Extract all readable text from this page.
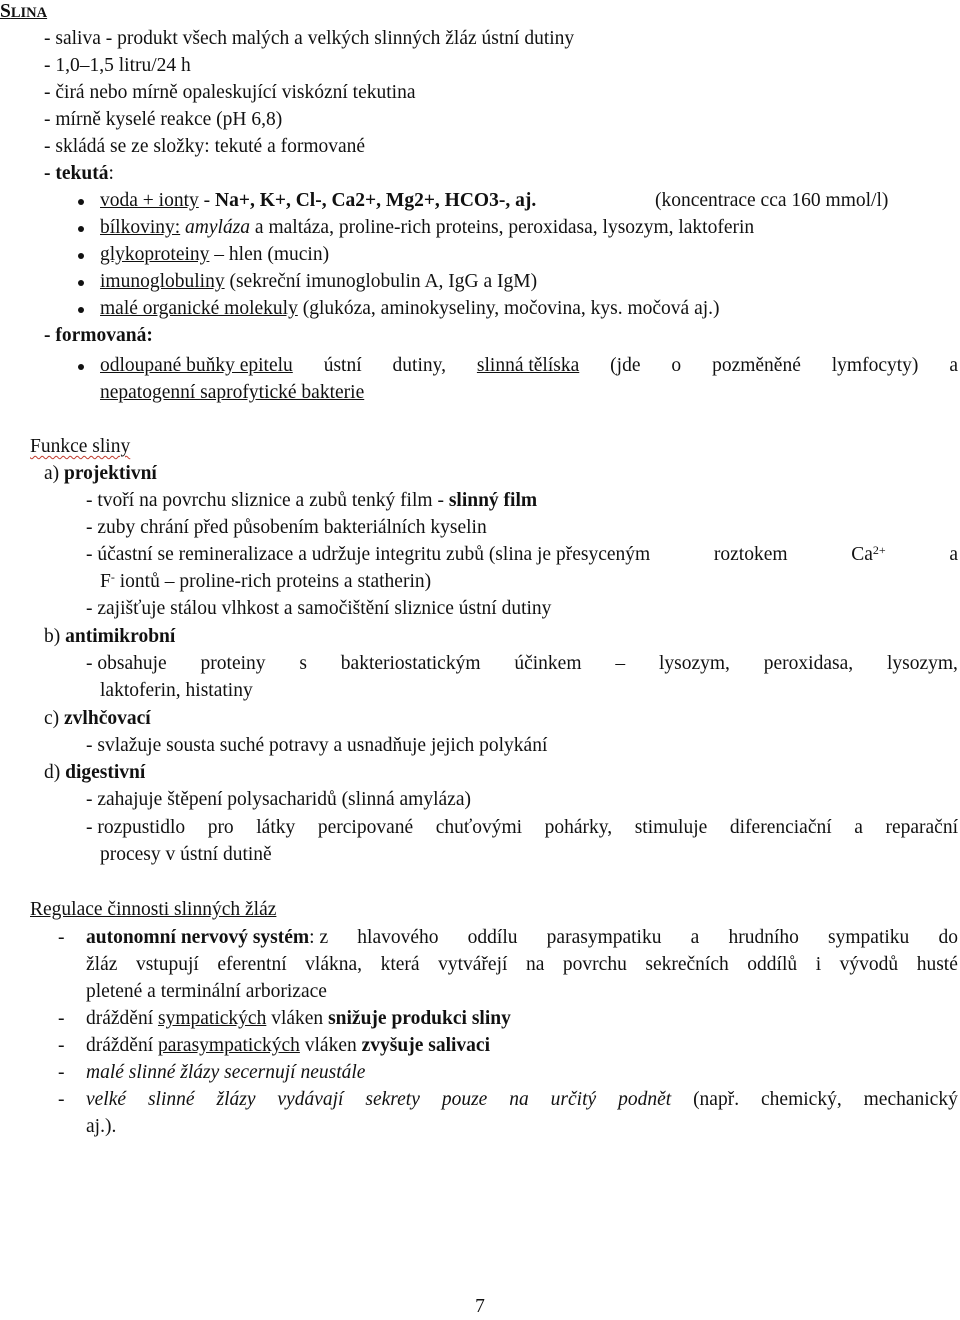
SLINA
- saliva - produkt všech malých a velkých slinných žláz ústní dutiny
- 1,0–1,5 litru/24 h
- čirá nebo mírně opaleskující viskózní tekutina
- mírně kyselé reakce (pH 6,8)
- skládá se ze složky: tekuté a formované
- tekutá:
voda + ionty - Na+, K+, Cl-, Ca2+, Mg2+, HCO3-, aj.	(koncentrace cca 160 mmol/l)
bílkoviny: amyláza a maltáza, proline-rich proteins, peroxidasa, lysozym, laktoferin
glykoproteiny – hlen (mucin)
imunoglobuliny (sekreční imunoglobulin A, IgG a IgM)
malé organické molekuly (glukóza, aminokyseliny, močovina, kys. močová aj.)
- formovaná:
odloupané buňky epitelu ústní dutiny, slinná tělíska (jde o pozměněné lymfocyty) a
nepatogenní saprofytické bakterie
Funkce sliny
a) projektivní
- tvoří na povrchu sliznice a zubů tenký film - slinný film
- zuby chrání před působením bakteriálních kyselin
- účastní se remineralizace a udržuje integritu zubů (slina je přesyceným	roztokem	$Ca^{2+}$	a
F- iontů – proline-rich proteins a statherin)
- zajišťuje stálou vlhkost a samočištění sliznice ústní dutiny
b) antimikrobní
- obsahuje proteiny s bakteriostatickým účinkem – lysozym, peroxidasa, lysozym,
laktoferin, histatiny
c) zvlhčovací
- svlažuje sousta suché potravy a usnadňuje jejich polykání
d) digestivní
- zahajuje štěpení polysacharidů (slinná amyláza)
- rozpustidlo pro látky percipované chuťovými pohárky, stimuluje diferenciační a reparační
procesy v ústní dutině
Regulace činnosti slinných žláz
- autonomní nervový systém: z hlavového oddílu parasympatiku a hrudního sympatiku do
žláz vstupují eferentní vlákna, která vytvářejí na povrchu sekrečních oddílů i vývodů husté
pletené a terminální arborizace
- dráždění sympatických vláken snižuje produkci sliny
- dráždění parasympatických vláken zvyšuje salivaci
- malé slinné žlázy secernují neustále
- velké slinné žlázy vydávají sekrety pouze na určitý podnět (např. chemický, mechanický
aj.).
7
